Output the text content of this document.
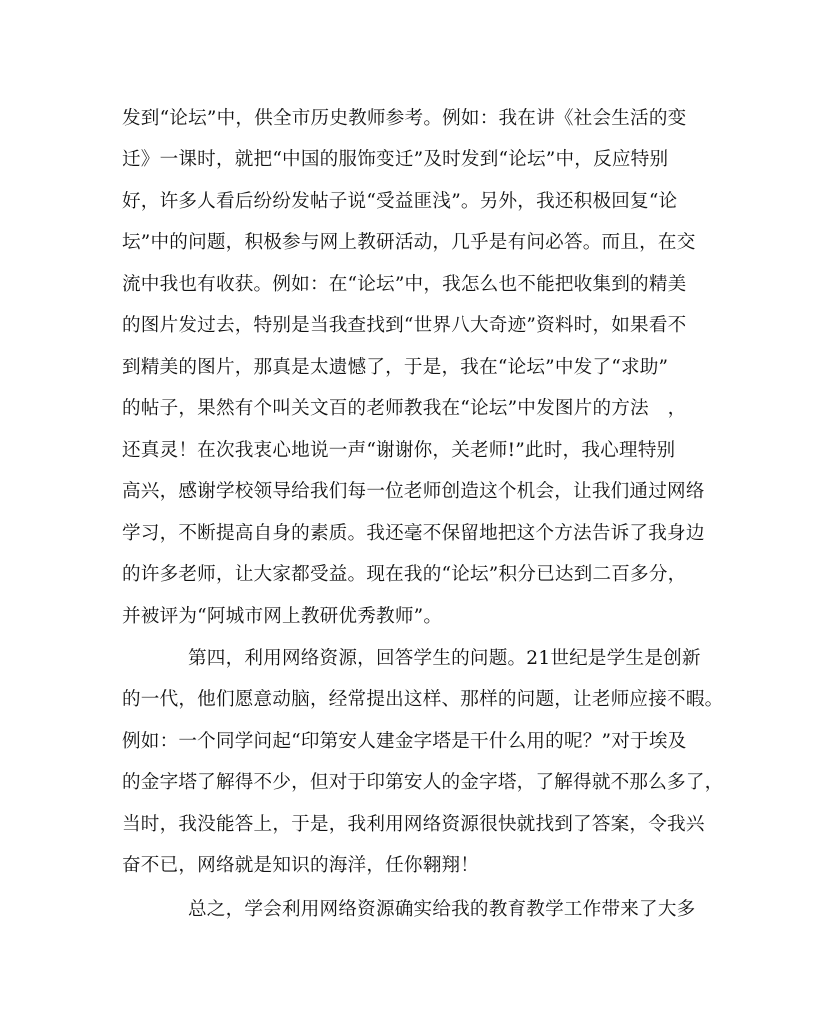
发到“论坛”中，供全市历史教师参考。例如：我在讲《社会生活的变
迁》一课时，就把“中国的服饰变迁”及时发到“论坛”中，反应特别
好，许多人看后纷纷发帖子说“受益匪浅”。另外，我还积极回复“论
坛”中的问题，积极参与网上教研活动，几乎是有问必答。而且，在交
流中我也有收获。例如：在“论坛”中，我怎么也不能把收集到的精美
的图片发过去，特别是当我查找到“世界八大奇迹”资料时，如果看不
到精美的图片，那真是太遗憾了，于是，我在“论坛”中发了“求助”
的帖子，果然有个叫关文百的老师教我在“论坛”中发图片的方法　，
还真灵！在次我衷心地说一声“谢谢你，关老师!”此时，我心理特别
高兴，感谢学校领导给我们每一位老师创造这个机会，让我们通过网络
学习，不断提高自身的素质。我还毫不保留地把这个方法告诉了我身边
的许多老师，让大家都受益。现在我的“论坛”积分已达到二百多分，
并被评为“阿城市网上教研优秀教师”。
第四，利用网络资源，回答学生的问题。21世纪是学生是创新
的一代，他们愿意动脑，经常提出这样、那样的问题，让老师应接不暇。
例如：一个同学问起“印第安人建金字塔是干什么用的呢？”对于埃及
的金字塔了解得不少，但对于印第安人的金字塔，了解得就不那么多了，
当时，我没能答上，于是，我利用网络资源很快就找到了答案，令我兴
奋不已，网络就是知识的海洋，任你翱翔！
总之，学会利用网络资源确实给我的教育教学工作带来了大多
